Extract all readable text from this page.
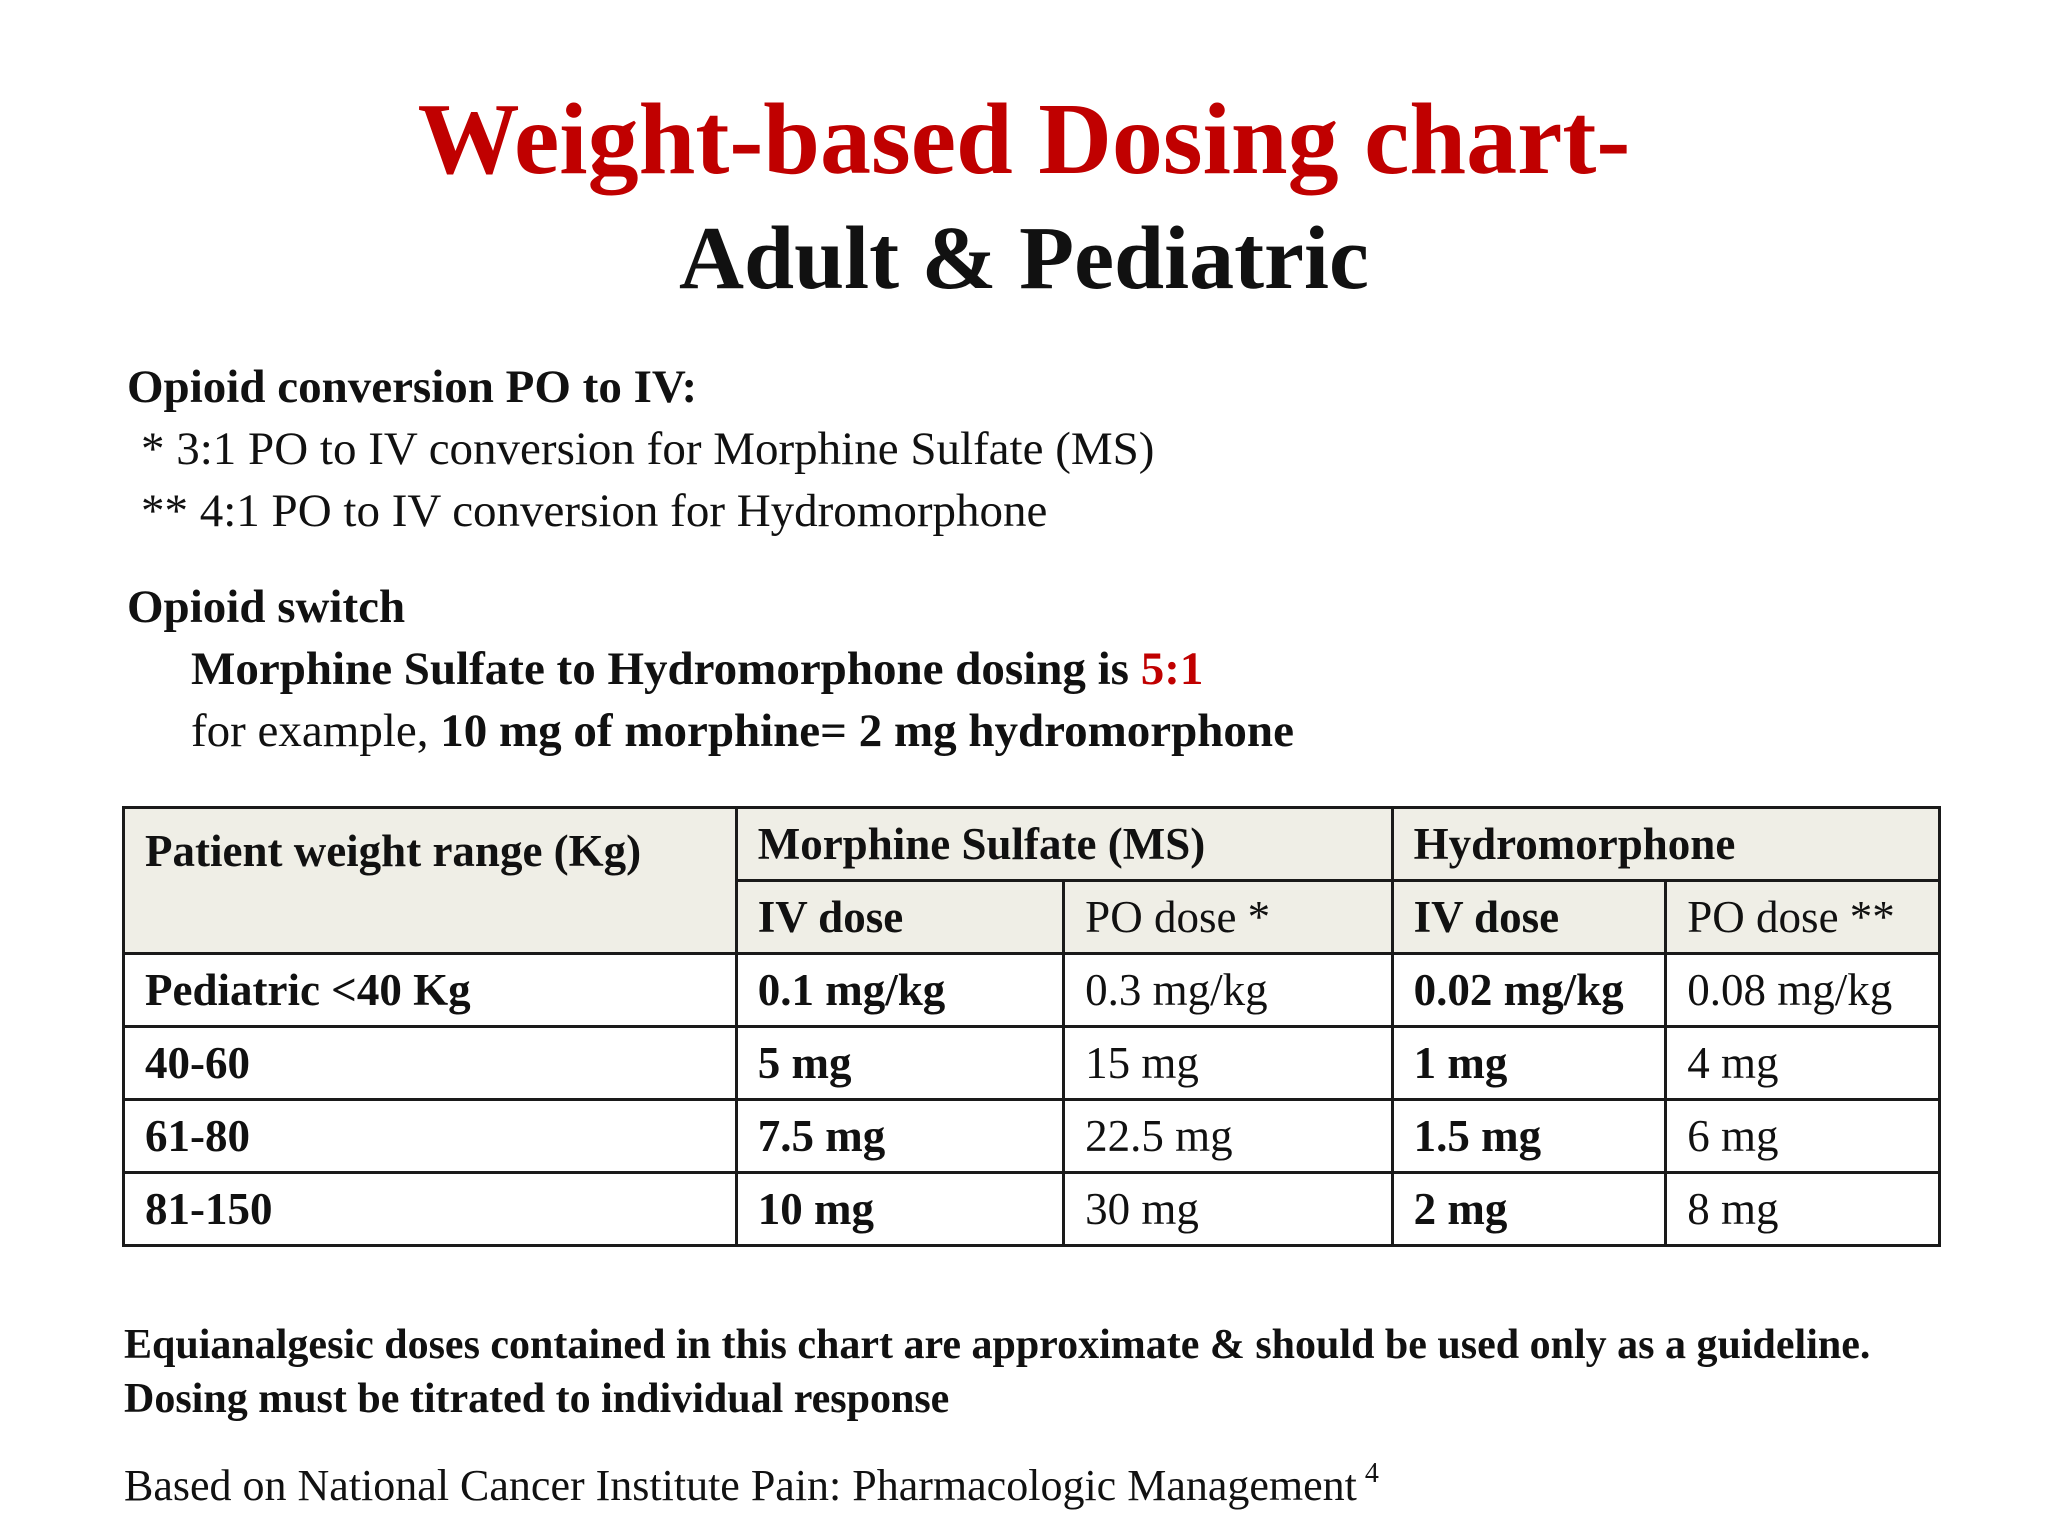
Weight-based Dosing chart-
Adult & Pediatric
Opioid conversion PO to IV:
* 3:1 PO to IV conversion for Morphine Sulfate (MS)
** 4:1 PO to IV conversion for Hydromorphone
Opioid switch
Morphine Sulfate to Hydromorphone dosing is 5:1
for example, 10 mg of morphine= 2 mg hydromorphone
Patient weight range (Kg)	Morphine Sulfate (MS)		Hydromorphone	
	IV dose	PO dose *	IV dose	PO dose **
Pediatric <40 Kg	0.1 mg/kg	0.3 mg/kg	0.02 mg/kg	0.08 mg/kg
40-60	5 mg	15 mg	1 mg	4 mg
61-80	7.5 mg	22.5 mg	1.5 mg	6 mg
81-150	10 mg	30 mg	2 mg	8 mg
Equianalgesic doses contained in this chart are approximate & should be used only as a guideline. Dosing must be titrated to individual response
Based on National Cancer Institute Pain: Pharmacologic Management $^4$
